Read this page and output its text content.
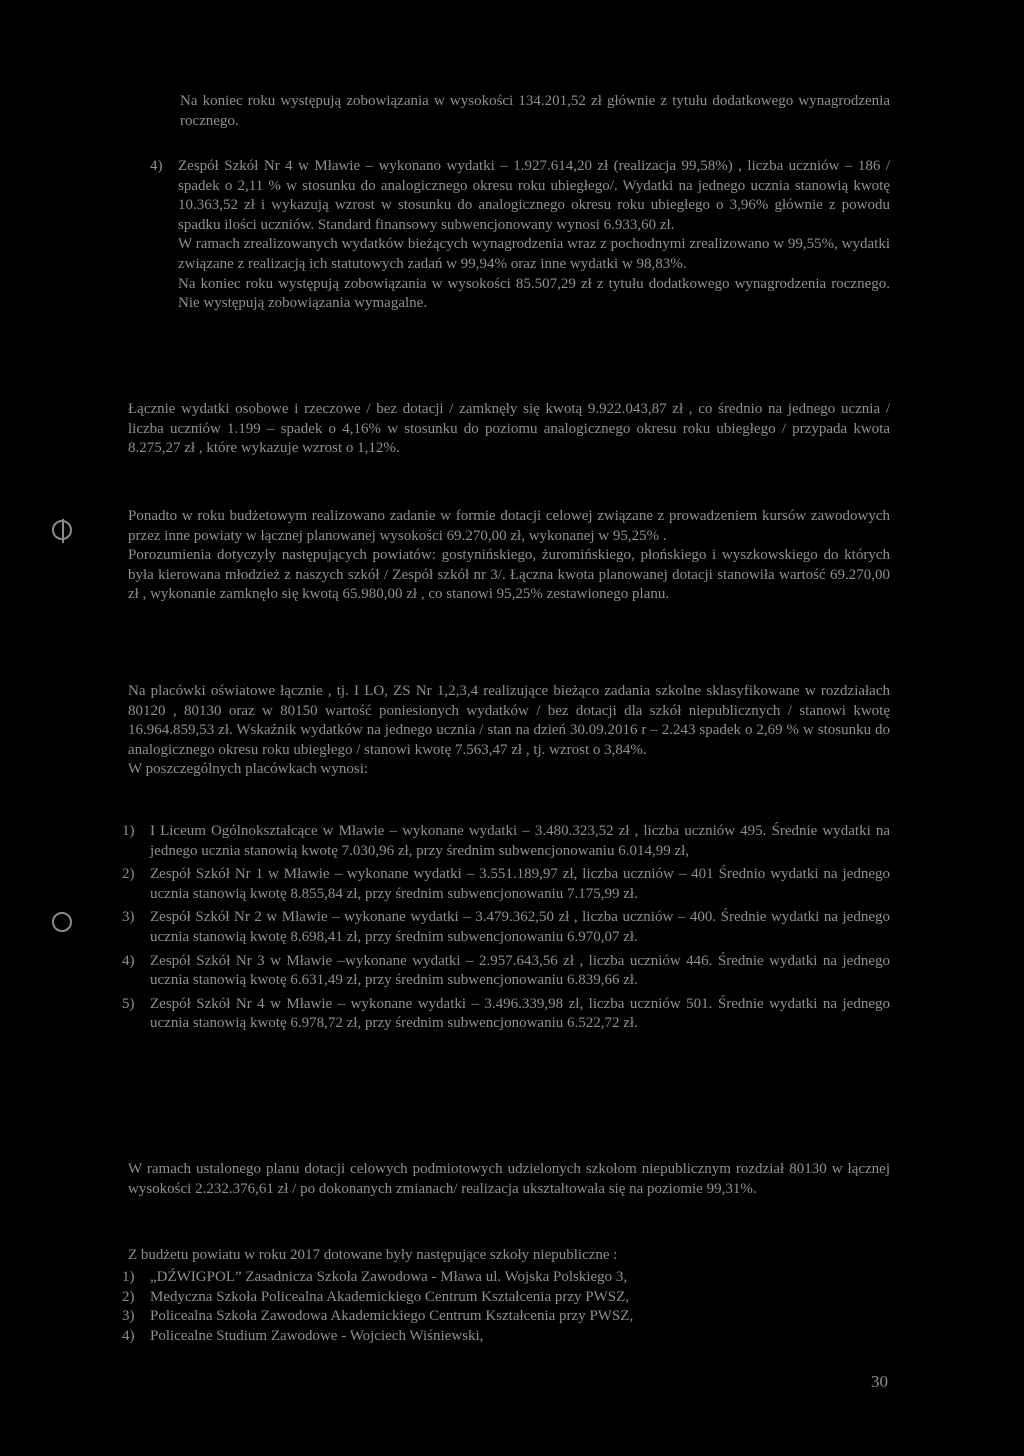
Na koniec roku występują zobowiązania w wysokości 134.201,52 zł głównie z tytułu dodatkowego wynagrodzenia rocznego.

4) Zespół Szkół Nr 4 w Mławie – wykonano wydatki – 1.927.614,20 zł (realizacja 99,58%) , liczba uczniów – 186 / spadek o 2,11 % w stosunku do analogicznego okresu roku ubiegłego/. Wydatki na jednego ucznia stanowią kwotę 10.363,52 zł i wykazują wzrost w stosunku do analogicznego okresu roku ubiegłego o 3,96% głównie z powodu spadku ilości uczniów. Standard finansowy subwencjonowany wynosi 6.933,60 zł.

W ramach zrealizowanych wydatków bieżących wynagrodzenia wraz z pochodnymi zrealizowano w 99,55%, wydatki związane z realizacją ich statutowych zadań w 99,94% oraz inne wydatki w 98,83%.

Na koniec roku występują zobowiązania w wysokości 85.507,29 zł z tytułu dodatkowego wynagrodzenia rocznego. Nie występują zobowiązania wymagalne.

Łącznie wydatki osobowe i rzeczowe / bez dotacji / zamknęły się kwotą 9.922.043,87 zł , co średnio na jednego ucznia / liczba uczniów 1.199 – spadek o 4,16% w stosunku do poziomu analogicznego okresu roku ubiegłego / przypada kwota 8.275,27 zł , które wykazuje wzrost o 1,12%.

Ponadto w roku budżetowym realizowano zadanie w formie dotacji celowej związane z prowadzeniem kursów zawodowych przez inne powiaty w łącznej planowanej wysokości 69.270,00 zł, wykonanej w 95,25% .

Porozumienia dotyczyły następujących powiatów: gostynińskiego, żuromińskiego, płońskiego i wyszkowskiego do których była kierowana młodzież z naszych szkół / Zespół szkół nr 3/. Łączna kwota planowanej dotacji stanowiła wartość 69.270,00 zł , wykonanie zamknęło się kwotą 65.980,00 zł , co stanowi 95,25% zestawionego planu.

Na placówki oświatowe łącznie , tj. I LO, ZS Nr 1,2,3,4 realizujące bieżąco zadania szkolne sklasyfikowane w rozdziałach 80120 , 80130 oraz w 80150 wartość poniesionych wydatków / bez dotacji dla szkół niepublicznych / stanowi kwotę 16.964.859,53 zł. Wskaźnik wydatków na jednego ucznia / stan na dzień 30.09.2016 r – 2.243 spadek o 2,69 % w stosunku do analogicznego okresu roku ubiegłego / stanowi kwotę 7.563,47 zł , tj. wzrost o 3,84%.

W poszczególnych placówkach wynosi:

1) I Liceum Ogólnokształcące w Mławie – wykonane wydatki – 3.480.323,52 zł , liczba uczniów 495. Średnie wydatki na jednego ucznia stanowią kwotę 7.030,96 zł, przy średnim subwencjonowaniu 6.014,99 zł,

2) Zespół Szkół Nr 1 w Mławie – wykonane wydatki – 3.551.189,97 zł, liczba uczniów – 401 Średnio wydatki na jednego ucznia stanowią kwotę 8.855,84 zł, przy średnim subwencjonowaniu 7.175,99 zł.

3) Zespół Szkół Nr 2 w Mławie – wykonane wydatki – 3.479.362,50 zł , liczba uczniów – 400. Średnie wydatki na jednego ucznia stanowią kwotę 8.698,41 zł, przy średnim subwencjonowaniu 6.970,07 zł.

4) Zespół Szkół Nr 3 w Mławie –wykonane wydatki – 2.957.643,56 zł , liczba uczniów 446. Średnie wydatki na jednego ucznia stanowią kwotę 6.631,49 zł, przy średnim subwencjonowaniu 6.839,66 zł.

5) Zespół Szkół Nr 4 w Mławie – wykonane wydatki – 3.496.339,98 zł, liczba uczniów 501. Średnie wydatki na jednego ucznia stanowią kwotę 6.978,72 zł, przy średnim subwencjonowaniu 6.522,72 zł.

W ramach ustalonego planu dotacji celowych podmiotowych udzielonych szkołom niepublicznym rozdział 80130 w łącznej wysokości 2.232.376,61 zł / po dokonanych zmianach/ realizacja ukształtowała się na poziomie 99,31%.

Z budżetu powiatu w roku 2017 dotowane były następujące szkoły niepubliczne :

1) „DŹWIGPOL” Zasadnicza Szkoła Zawodowa - Mława ul. Wojska Polskiego 3,
2) Medyczna Szkoła Policealna Akademickiego Centrum Kształcenia przy PWSZ,
3) Policealna Szkoła Zawodowa Akademickiego Centrum Kształcenia przy PWSZ,
4) Policealne Studium Zawodowe - Wojciech Wiśniewski,
30
